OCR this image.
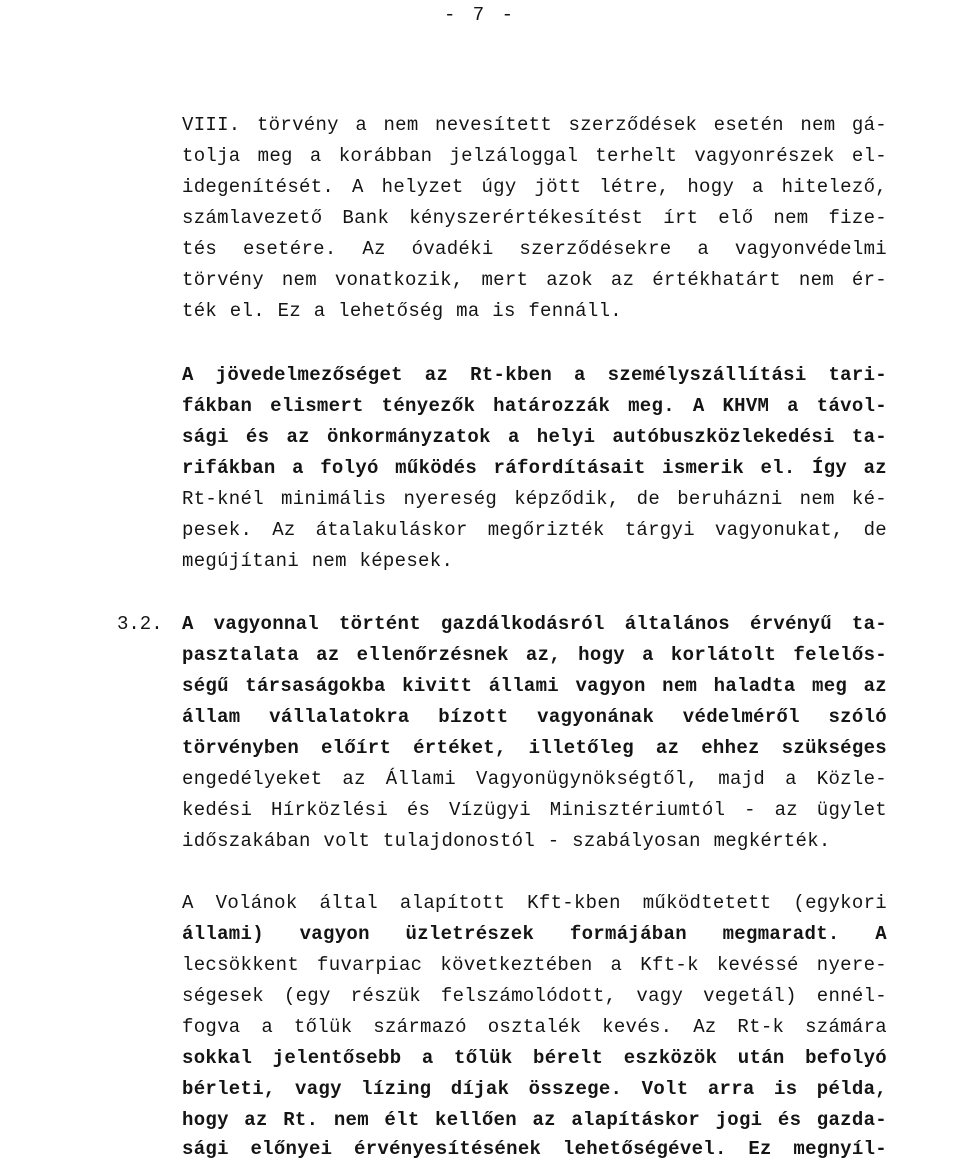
- 7 -
VIII. törvény a nem nevesített szerződések esetén nem gá-
tolja meg a korábban jelzáloggal terhelt vagyonrészek el-
idegenítését. A helyzet úgy jött létre, hogy a hitelező,
számlavezető Bank kényszerértékesítést írt elő nem fize-
tés esetére. Az óvadéki szerződésekre a vagyonvédelmi
törvény nem vonatkozik, mert azok az értékhatárt nem ér-
ték el. Ez a lehetőség ma is fennáll.
A jövedelmezőséget az Rt-kben a személyszállítási tari-
fákban elismert tényezők határozzák meg. A KHVM a távol-
sági és az önkormányzatok a helyi autóbuszközlekedési ta-
rifákban a folyó működés ráfordításait ismerik el. Így az
Rt-knél minimális nyereség képződik, de beruházni nem ké-
pesek. Az átalakuláskor megőrizték tárgyi vagyonukat, de
megújítani nem képesek.
3.2. A vagyonnal történt gazdálkodásról általános érvényű ta-
pasztalata az ellenőrzésnek az, hogy a korlátolt felelős-
ségű társaságokba kivitt állami vagyon nem haladta meg az
állam vállalatokra bízott vagyonának védelméről szóló
törvényben előírt értéket, illetőleg az ehhez szükséges
engedélyeket az Állami Vagyonügynökségtől, majd a Közle-
kedési Hírközlési és Vízügyi Minisztériumtól - az ügylet
időszakában volt tulajdonostól - szabályosan megkérték.
A Volánok által alapított Kft-kben működtetett (egykori
állami) vagyon üzletrészek formájában megmaradt. A
lecsökkent fuvarpiac következtében a Kft-k kevéssé nyere-
ségesek (egy részük felszámolódott, vagy vegetál) ennél-
fogva a tőlük származó osztalék kevés. Az Rt-k számára
sokkal jelentősebb a tőlük bérelt eszközök után befolyó
bérleti, vagy lízing díjak összege. Volt arra is példa,
hogy az Rt. nem élt kellően az alapításkor jogi és gazda-
sági előnyei érvényesítésének lehetőségével. Ez megnyíl-
